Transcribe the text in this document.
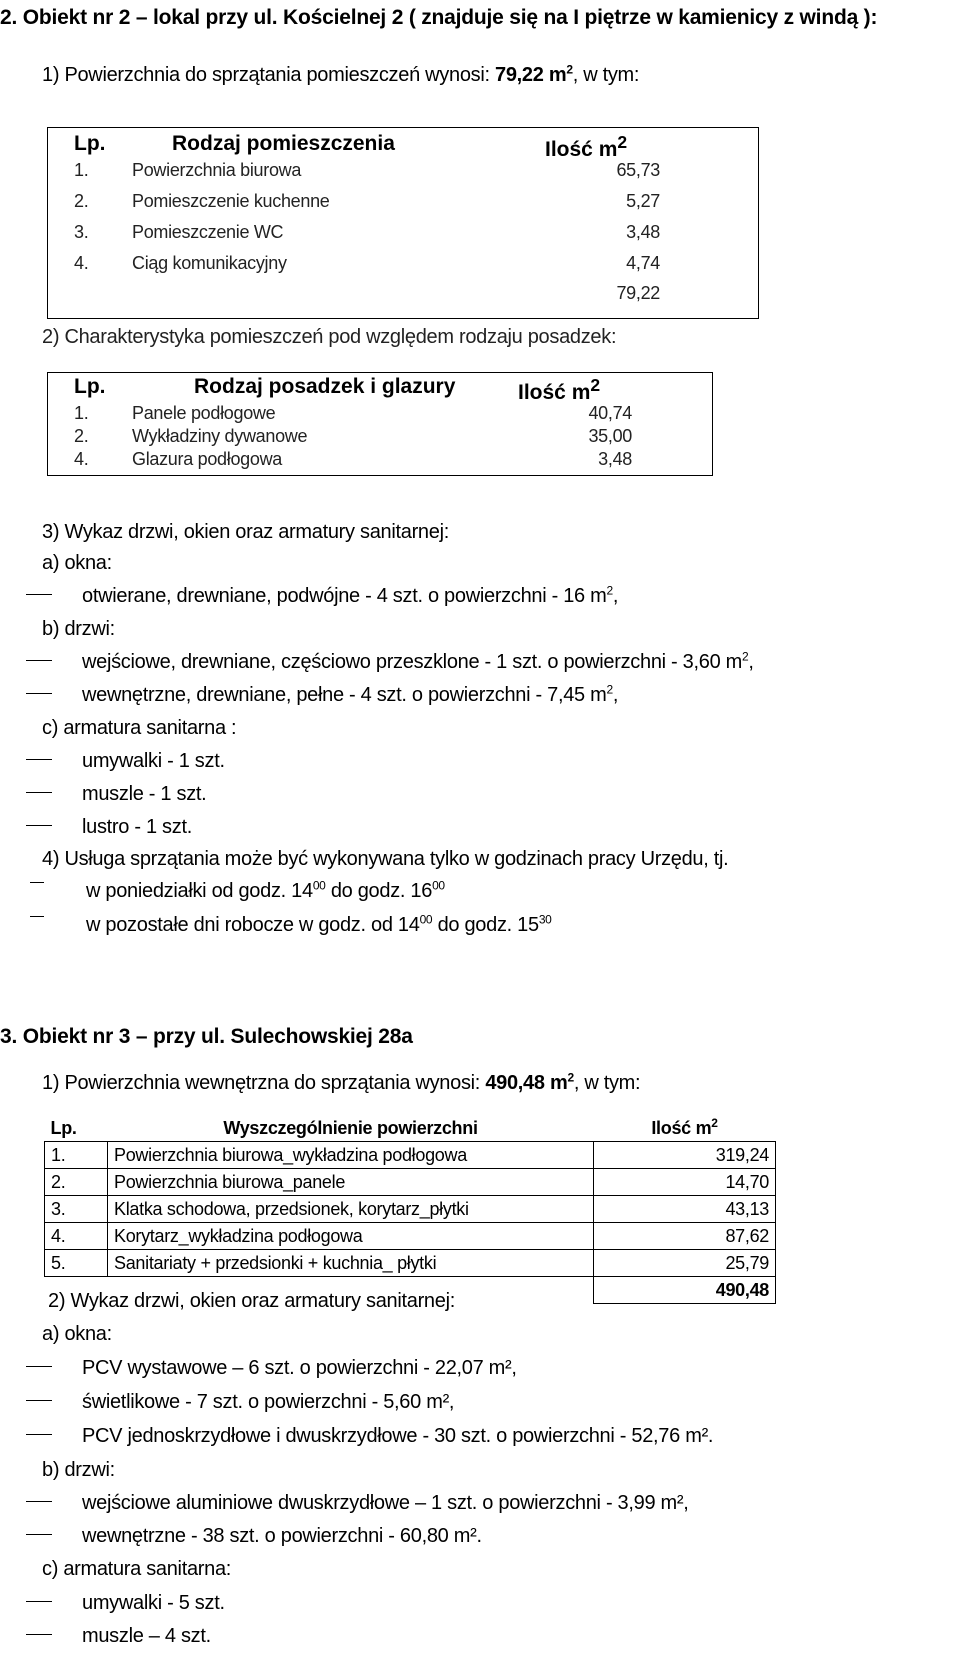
2. Obiekt nr 2 – lokal przy ul. Kościelnej 2 ( znajduje się na I piętrze w kamienicy z windą ):
1) Powierzchnia do sprzątania pomieszczeń wynosi: 79,22 $m^2$, w tym:
Lp.	Rodzaj pomieszczenia	Ilość $m^2$
1. Powierzchnia biurowa	65,73
2. Pomieszczenie kuchenne	5,27
3. Pomieszczenie WC	3,48
4. Ciąg komunikacyjny	4,74
79,22
2) Charakterystyka pomieszczeń pod względem rodzaju posadzek:
Lp.	Rodzaj posadzek i glazury	Ilość $m^2$
1. Panele podłogowe	40,74
2. Wykładziny dywanowe	35,00
4. Glazura podłogowa	3,48
3) Wykaz drzwi, okien oraz armatury sanitarnej:
a) okna:
otwierane, drewniane, podwójne - 4 szt. o powierzchni - 16 $m^2$,
b) drzwi:
wejściowe, drewniane, częściowo przeszklone - 1 szt. o powierzchni - 3,60 $m^2$,
wewnętrzne, drewniane, pełne - 4 szt. o powierzchni - 7,45 $m^2$,
c) armatura sanitarna :
umywalki - 1 szt.
muszle - 1 szt.
lustro - 1 szt.
4) Usługa sprzątania może być wykonywana tylko w godzinach pracy Urzędu, tj.
w poniedziałki od godz. $14^{00}$ do godz. $16^{00}$
w pozostałe dni robocze w godz. od $14^{00}$ do godz. $15^{30}$
3. Obiekt nr 3 – przy ul. Sulechowskiej 28a
1) Powierzchnia wewnętrzna do sprzątania wynosi: 490,48 $m^2$, w tym:
Lp.	Wyszczególnienie powierzchni	Ilość $m^2$
1.	Powierzchnia biurowa_wykładzina podłogowa	319,24
2.	Powierzchnia biurowa_panele	14,70
3.	Klatka schodowa, przedsionek, korytarz_płytki	43,13
4.	Korytarz_wykładzina podłogowa	87,62
5.	Sanitariaty + przedsionki + kuchnia_ płytki	25,79
		490,48
2) Wykaz drzwi, okien oraz armatury sanitarnej:
a) okna:
PCV wystawowe – 6 szt. o powierzchni - 22,07 m²,
świetlikowe - 7 szt. o powierzchni - 5,60 m²,
PCV jednoskrzydłowe i dwuskrzydłowe - 30 szt. o powierzchni - 52,76 m².
b) drzwi:
wejściowe aluminiowe dwuskrzydłowe – 1 szt. o powierzchni - 3,99 m²,
wewnętrzne - 38 szt. o powierzchni - 60,80 m².
c) armatura sanitarna:
umywalki - 5 szt.
muszle – 4 szt.
